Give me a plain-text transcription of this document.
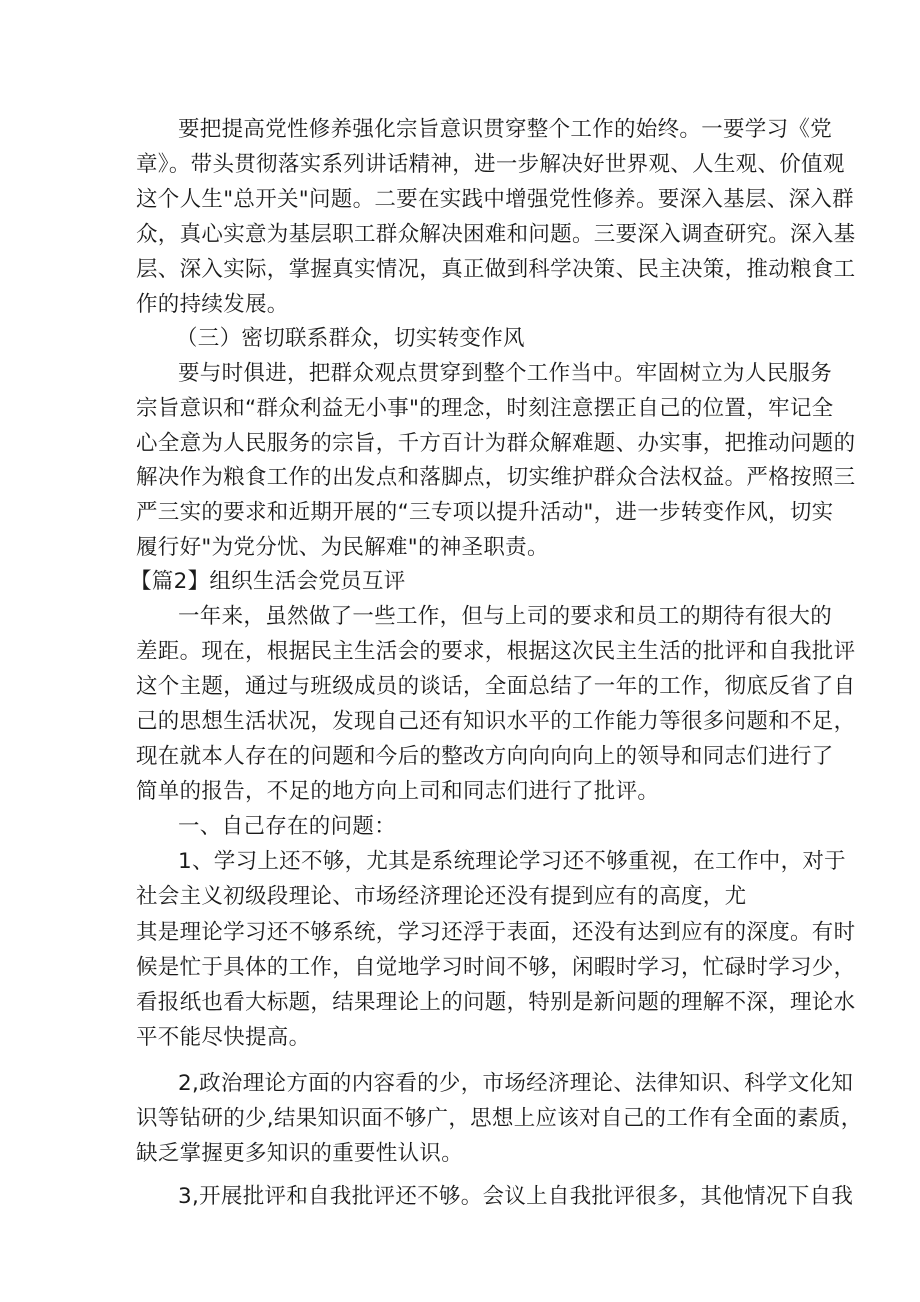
要把提高党性修养强化宗旨意识贯穿整个工作的始终。一要学习《党
章》。带头贯彻落实系列讲话精神，进一步解决好世界观、人生观、价值观
这个人生"总开关"问题。二要在实践中增强党性修养。要深入基层、深入群
众，真心实意为基层职工群众解决困难和问题。三要深入调查研究。深入基
层、深入实际，掌握真实情况，真正做到科学决策、民主决策，推动粮食工
作的持续发展。
（三）密切联系群众，切实转变作风
要与时俱进，把群众观点贯穿到整个工作当中。牢固树立为人民服务
宗旨意识和“群众利益无小事"的理念，时刻注意摆正自己的位置，牢记全
心全意为人民服务的宗旨，千方百计为群众解难题、办实事，把推动问题的
解决作为粮食工作的出发点和落脚点，切实维护群众合法权益。严格按照三
严三实的要求和近期开展的“三专项以提升活动"，进一步转变作风，切实
履行好"为党分忧、为民解难"的神圣职责。
【篇2】组织生活会党员互评
一年来，虽然做了一些工作，但与上司的要求和员工的期待有很大的
差距。现在，根据民主生活会的要求，根据这次民主生活的批评和自我批评
这个主题，通过与班级成员的谈话，全面总结了一年的工作，彻底反省了自
己的思想生活状况，发现自己还有知识水平的工作能力等很多问题和不足，
现在就本人存在的问题和今后的整改方向向向向上的领导和同志们进行了
简单的报告，不足的地方向上司和同志们进行了批评。
一、自己存在的问题：
1、学习上还不够，尤其是系统理论学习还不够重视，在工作中，对于
社会主义初级段理论、市场经济理论还没有提到应有的高度，尤
其是理论学习还不够系统，学习还浮于表面，还没有达到应有的深度。有时
候是忙于具体的工作，自觉地学习时间不够，闲暇时学习，忙碌时学习少，
看报纸也看大标题，结果理论上的问题，特别是新问题的理解不深，理论水
平不能尽快提高。
2,政治理论方面的内容看的少，市场经济理论、法律知识、科学文化知
识等钻研的少,结果知识面不够广，思想上应该对自己的工作有全面的素质，
缺乏掌握更多知识的重要性认识。
3,开展批评和自我批评还不够。会议上自我批评很多，其他情况下自我
